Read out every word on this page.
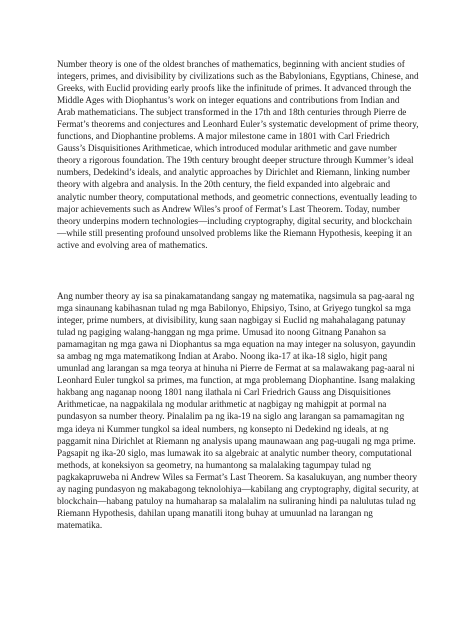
Number theory is one of the oldest branches of mathematics, beginning with ancient studies of integers, primes, and divisibility by civilizations such as the Babylonians, Egyptians, Chinese, and Greeks, with Euclid providing early proofs like the infinitude of primes. It advanced through the Middle Ages with Diophantus’s work on integer equations and contributions from Indian and Arab mathematicians. The subject transformed in the 17th and 18th centuries through Pierre de Fermat’s theorems and conjectures and Leonhard Euler’s systematic development of prime theory, functions, and Diophantine problems. A major milestone came in 1801 with Carl Friedrich Gauss’s Disquisitiones Arithmeticae, which introduced modular arithmetic and gave number theory a rigorous foundation. The 19th century brought deeper structure through Kummer’s ideal numbers, Dedekind’s ideals, and analytic approaches by Dirichlet and Riemann, linking number theory with algebra and analysis. In the 20th century, the field expanded into algebraic and analytic number theory, computational methods, and geometric connections, eventually leading to major achievements such as Andrew Wiles’s proof of Fermat’s Last Theorem. Today, number theory underpins modern technologies—including cryptography, digital security, and blockchain—while still presenting profound unsolved problems like the Riemann Hypothesis, keeping it an active and evolving area of mathematics.

Ang number theory ay isa sa pinakamatandang sangay ng matematika, nagsimula sa pag-aaral ng mga sinaunang kabihasnan tulad ng mga Babilonyo, Ehipsiyo, Tsino, at Griyego tungkol sa mga integer, prime numbers, at divisibility, kung saan nagbigay si Euclid ng mahahalagang patunay tulad ng pagiging walang-hanggan ng mga prime. Umusad ito noong Gitnang Panahon sa pamamagitan ng mga gawa ni Diophantus sa mga equation na may integer na solusyon, gayundin sa ambag ng mga matematikong Indian at Arabo. Noong ika-17 at ika-18 siglo, higit pang umunlad ang larangan sa mga teorya at hinuha ni Pierre de Fermat at sa malawakang pag-aaral ni Leonhard Euler tungkol sa primes, ma function, at mga problemang Diophantine. Isang malaking hakbang ang naganap noong 1801 nang ilathala ni Carl Friedrich Gauss ang Disquisitiones Arithmeticae, na nagpakilala ng modular arithmetic at nagbigay ng mahigpit at pormal na pundasyon sa number theory. Pinalalim pa ng ika-19 na siglo ang larangan sa pamamagitan ng mga ideya ni Kummer tungkol sa ideal numbers, ng konsepto ni Dedekind ng ideals, at ng paggamit nina Dirichlet at Riemann ng analysis upang maunawaan ang pag-uugali ng mga prime. Pagsapit ng ika-20 siglo, mas lumawak ito sa algebraic at analytic number theory, computational methods, at koneksiyon sa geometry, na humantong sa malalaking tagumpay tulad ng pagkakapruweba ni Andrew Wiles sa Fermat’s Last Theorem. Sa kasalukuyan, ang number theory ay naging pundasyon ng makabagong teknolohiya—kabilang ang cryptography, digital security, at blockchain—habang patuloy na humaharap sa malalalim na suliraning hindi pa nalulutas tulad ng Riemann Hypothesis, dahilan upang manatili itong buhay at umuunlad na larangan ng matematika.
